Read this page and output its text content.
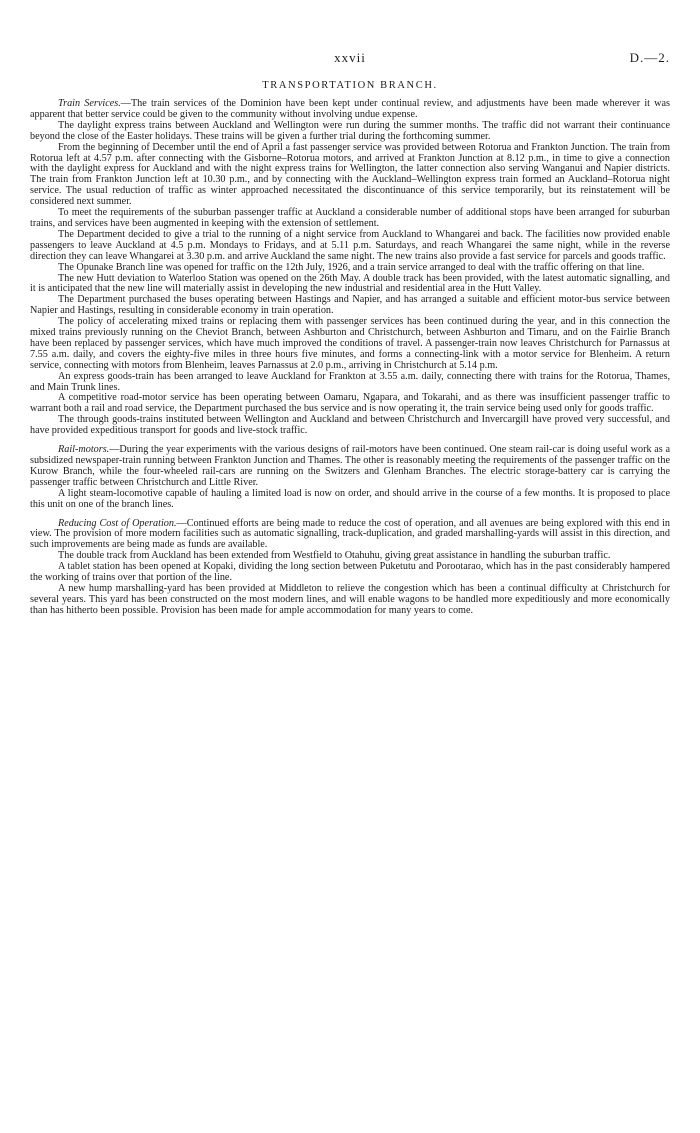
xxvii	D.—2.
TRANSPORTATION BRANCH.

Train Services.—The train services of the Dominion have been kept under continual review, and adjustments have been made wherever it was apparent that better service could be given to the community without involving undue expense.

The daylight express trains between Auckland and Wellington were run during the summer months. The traffic did not warrant their continuance beyond the close of the Easter holidays. These trains will be given a further trial during the forthcoming summer.

From the beginning of December until the end of April a fast passenger service was provided between Rotorua and Frankton Junction. The train from Rotorua left at 4.57 p.m. after connecting with the Gisborne–Rotorua motors, and arrived at Frankton Junction at 8.12 p.m., in time to give a connection with the daylight express for Auckland and with the night express trains for Wellington, the latter connection also serving Wanganui and Napier districts. The train from Frankton Junction left at 10.30 p.m., and by connecting with the Auckland–Wellington express train formed an Auckland–Rotorua night service. The usual reduction of traffic as winter approached necessitated the discontinuance of this service temporarily, but its reinstatement will be considered next summer.

To meet the requirements of the suburban passenger traffic at Auckland a considerable number of additional stops have been arranged for suburban trains, and services have been augmented in keeping with the extension of settlement.

The Department decided to give a trial to the running of a night service from Auckland to Whangarei and back. The facilities now provided enable passengers to leave Auckland at 4.5 p.m. Mondays to Fridays, and at 5.11 p.m. Saturdays, and reach Whangarei the same night, while in the reverse direction they can leave Whangarei at 3.30 p.m. and arrive Auckland the same night. The new trains also provide a fast service for parcels and goods traffic.

The Opunake Branch line was opened for traffic on the 12th July, 1926, and a train service arranged to deal with the traffic offering on that line.

The new Hutt deviation to Waterloo Station was opened on the 26th May. A double track has been provided, with the latest automatic signalling, and it is anticipated that the new line will materially assist in developing the new industrial and residential area in the Hutt Valley.

The Department purchased the buses operating between Hastings and Napier, and has arranged a suitable and efficient motor-bus service between Napier and Hastings, resulting in considerable economy in train operation.

The policy of accelerating mixed trains or replacing them with passenger services has been continued during the year, and in this connection the mixed trains previously running on the Cheviot Branch, between Ashburton and Christchurch, between Ashburton and Timaru, and on the Fairlie Branch have been replaced by passenger services, which have much improved the conditions of travel. A passenger-train now leaves Christchurch for Parnassus at 7.55 a.m. daily, and covers the eighty-five miles in three hours five minutes, and forms a connecting-link with a motor service for Blenheim. A return service, connecting with motors from Blenheim, leaves Parnassus at 2.0 p.m., arriving in Christchurch at 5.14 p.m.

An express goods-train has been arranged to leave Auckland for Frankton at 3.55 a.m. daily, connecting there with trains for the Rotorua, Thames, and Main Trunk lines.

A competitive road-motor service has been operating between Oamaru, Ngapara, and Tokarahi, and as there was insufficient passenger traffic to warrant both a rail and road service, the Department purchased the bus service and is now operating it, the train service being used only for goods traffic.

The through goods-trains instituted between Wellington and Auckland and between Christchurch and Invercargill have proved very successful, and have provided expeditious transport for goods and live-stock traffic.

Rail-motors.—During the year experiments with the various designs of rail-motors have been continued. One steam rail-car is doing useful work as a subsidized newspaper-train running between Frankton Junction and Thames. The other is reasonably meeting the requirements of the passenger traffic on the Kurow Branch, while the four-wheeled rail-cars are running on the Switzers and Glenham Branches. The electric storage-battery car is carrying the passenger traffic between Christchurch and Little River.

A light steam-locomotive capable of hauling a limited load is now on order, and should arrive in the course of a few months. It is proposed to place this unit on one of the branch lines.

Reducing Cost of Operation.—Continued efforts are being made to reduce the cost of operation, and all avenues are being explored with this end in view. The provision of more modern facilities such as automatic signalling, track-duplication, and graded marshalling-yards will assist in this direction, and such improvements are being made as funds are available.

The double track from Auckland has been extended from Westfield to Otahuhu, giving great assistance in handling the suburban traffic.

A tablet station has been opened at Kopaki, dividing the long section between Puketutu and Porootarao, which has in the past considerably hampered the working of trains over that portion of the line.

A new hump marshalling-yard has been provided at Middleton to relieve the congestion which has been a continual difficulty at Christchurch for several years. This yard has been constructed on the most modern lines, and will enable wagons to be handled more expeditiously and more economically than has hitherto been possible. Provision has been made for ample accommodation for many years to come.
